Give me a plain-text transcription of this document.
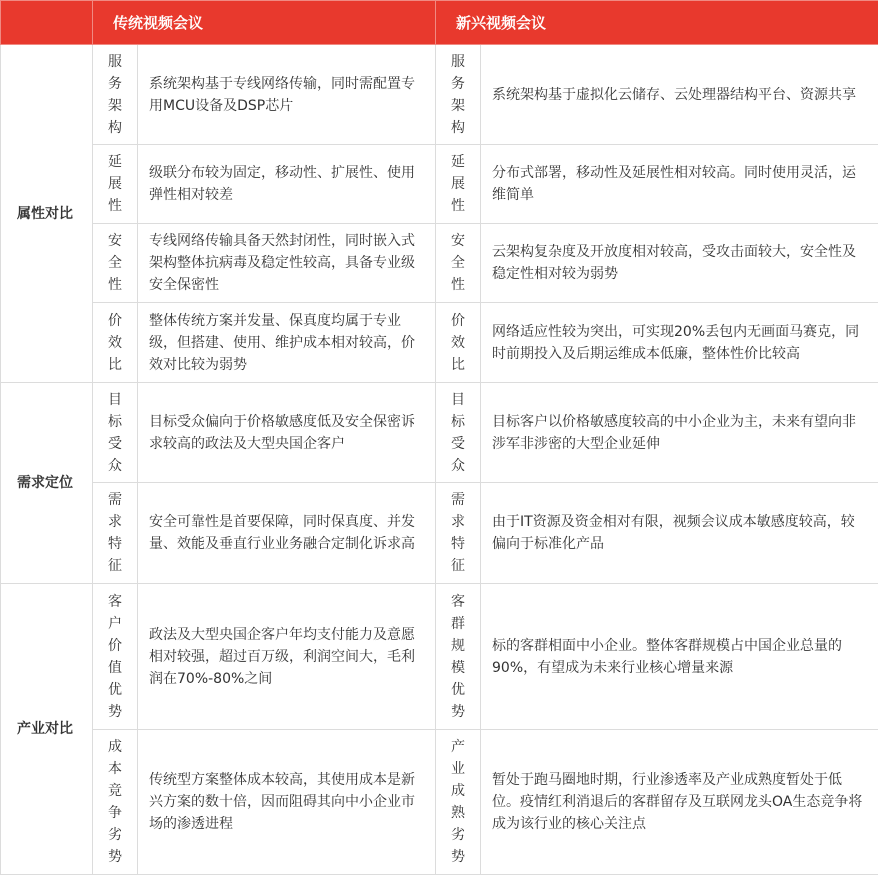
	传统视频会议		新兴视频会议	
属性对比	服务架构	系统架构基于专线网络传输，同时需配置专用MCU设备及DSP芯片	服务架构	系统架构基于虚拟化云储存、云处理器结构平台、资源共享
	延展性	级联分布较为固定，移动性、扩展性、使用弹性相对较差	延展性	分布式部署，移动性及延展性相对较高。同时使用灵活，运维简单
	安全性	专线网络传输具备天然封闭性，同时嵌入式架构整体抗病毒及稳定性较高，具备专业级安全保密性	安全性	云架构复杂度及开放度相对较高，受攻击面较大，安全性及稳定性相对较为弱势
	价效比	整体传统方案并发量、保真度均属于专业级，但搭建、使用、维护成本相对较高，价效对比较为弱势	价效比	网络适应性较为突出，可实现20%丢包内无画面马赛克，同时前期投入及后期运维成本低廉，整体性价比较高
需求定位	目标受众	目标受众偏向于价格敏感度低及安全保密诉求较高的政法及大型央国企客户	目标受众	目标客户以价格敏感度较高的中小企业为主，未来有望向非涉军非涉密的大型企业延伸
	需求特征	安全可靠性是首要保障，同时保真度、并发量、效能及垂直行业业务融合定制化诉求高	需求特征	由于IT资源及资金相对有限，视频会议成本敏感度较高，较偏向于标准化产品
产业对比	客户价值优势	政法及大型央国企客户年均支付能力及意愿相对较强，超过百万级，利润空间大，毛利润在70%-80%之间	客群规模优势	标的客群相面中小企业。整体客群规模占中国企业总量的90%，有望成为未来行业核心增量来源
	成本竞争劣势	传统型方案整体成本较高，其使用成本是新兴方案的数十倍，因而阻碍其向中小企业市场的渗透进程	产业成熟劣势	暂处于跑马圈地时期，行业渗透率及产业成熟度暂处于低位。疫情红利消退后的客群留存及互联网龙头OA生态竞争将成为该行业的核心关注点
